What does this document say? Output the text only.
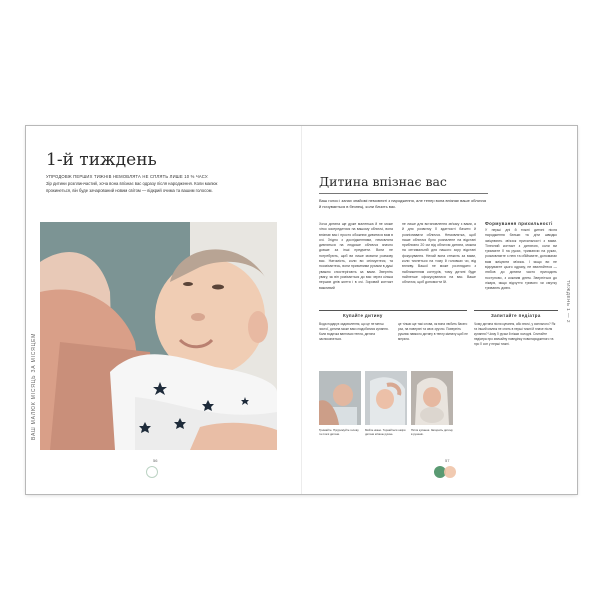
1-й тиждень
УПРОДОВЖ ПЕРШИХ ТИЖНІВ НЕМОВЛЯТА НЕ СПЛЯТЬ ЛИШЕ 10 % ЧАСУ.
Зір дитини розплинчастий, хоча вона впізнає вас одразу після народження. Коли малюк прокинеться, він буде зачарований новим світом — відкрий очима та вашим голосом.
ВАШ МАЛЮК МІСЯЦЬ ЗА МІСЯЦЕМ
56
Дитина впізнає вас
Ваш голос і запах знайомі немовляті з народження, але тепер вона впізнає ваше обличчя й почувається в безпеці, коли бачить вас.
Хоча дитина ще дуже маленька й не може чітко зосередитися на вашому обличчі, вона впізнає вас і просто обожнює дивитися вам в очі. Згідно з дослідженнями, немовлята дивляться на людське обличчя значно довше за інші предмети. Вони не потребують, щоб ви лише мовили розмову вас. Натомість, коли ви спілкуєтеся, та посміхаєтесь, вони приємними рухами в душі уважно спостерігають за вами. Зверніть увагу, як він усміхається до вас через кілька перших днів життя і в очі. Зоровий контакт важливий
не лише для встановлення зв'язку з вами, а й для розвитку її здатності бачити й розпізнавати обличчя. Немовлятка, щоб наше обличчя було розпалене на відстані приблизно 20 см від обличчя дитини, можна на оптимальній для нашого зору відстані фокусування. Нехай вона стежить за вами, коли тиснеться на тому й головках чи, від впливу. Вашої не може розглядати з наближенням контурів, тому дитині буде найлегше сфокусуватися на вас. Ваше обличчя, щоб допомогти їй.
Формування прихильності
У перші дні й тижні дитині після народження батьки та діти швидко зміцнюють зв'язок прихильності з вами. Тілесний контакт з дитиною, коли ви тримаєте її на руках, тримаючи на руках, розмовляєте з нею та обіймаєте, допомагає вам зміцнити зв'язок. І якщо ви не відчуваєте цього одразу, не хвилюйтеся — любов до дитини часто приходить поступово, з кожним днем. Зверніться до лікаря, якщо відчуття тривоги чи смутку тривають довго.	ТИЖДЕНЬ 1 — 2
Купайте дитину
Вода подарує задоволення, що це не менш чистої, дитина може вам сподобатися купання. Коли водичка ванночки тепла, дитина заспокоюється.
це тільки ще такі слова, як вона любить багато раз, на поверхні та своє зручно. Поверніть рушник навколо дитину в теплу кімнату щоб не мерзла.
Запитайте педіатра
Чому дитина після купання, або вночі, у ясельного? Як та інший малюк не спить в перші тижні й плаче після купання? Чому її ручки й ніжки холодні. Спитайте педіатра про звичайну поведінку новонародженого та про її сон у перші тижні.
Тримайте. Підтримуйте голову та плечі дитини.
Мийте ніжно. Торкайтеся шкіри дитини м'якою рукою.
Після купання. Загорніть дитину в рушник.
57
